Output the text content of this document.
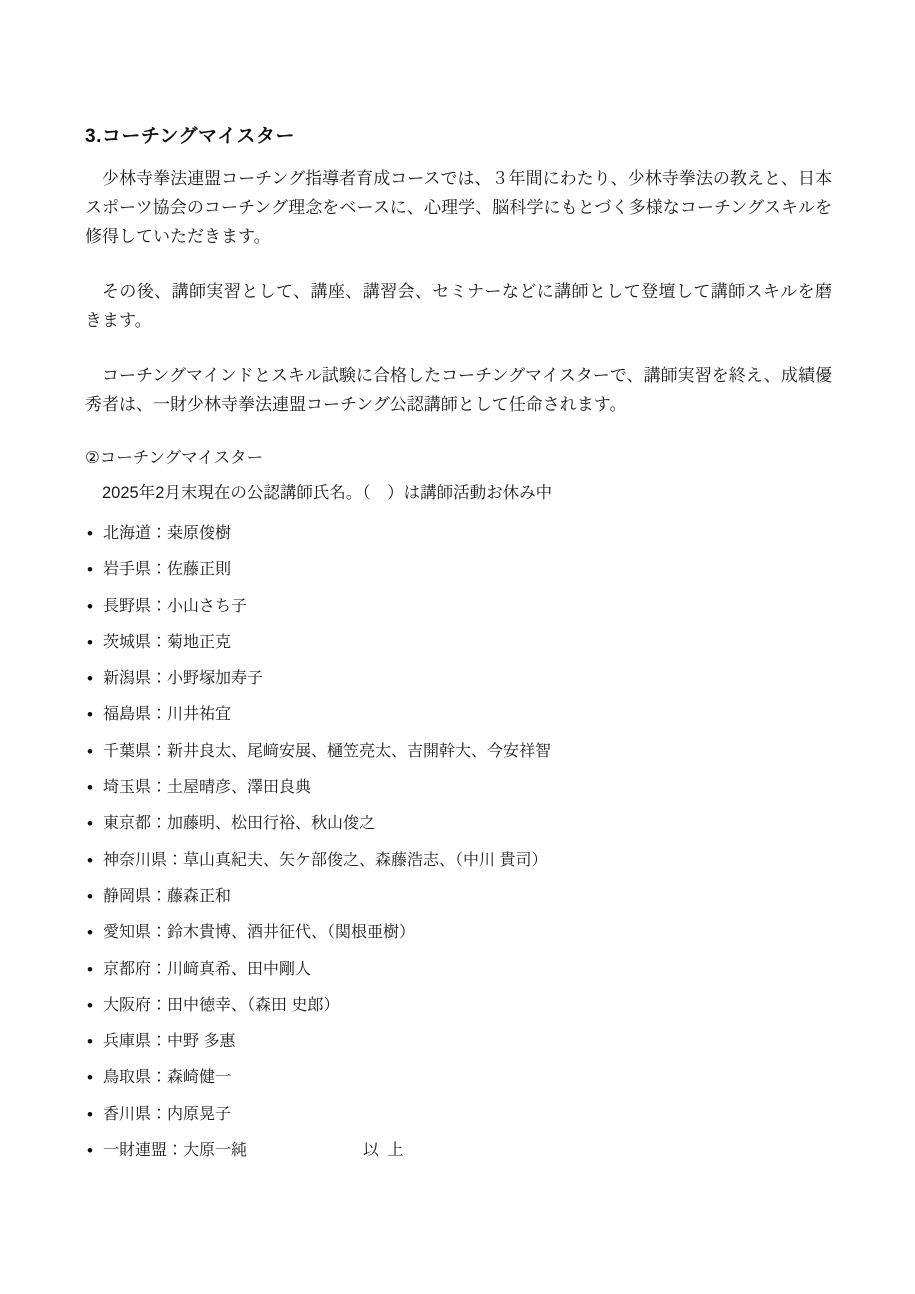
3.コーチングマイスター

少林寺拳法連盟コーチング指導者育成コースでは、３年間にわたり、少林寺拳法の教えと、日本スポーツ協会のコーチング理念をベースに、心理学、脳科学にもとづく多様なコーチングスキルを修得していただきます。

その後、講師実習として、講座、講習会、セミナーなどに講師として登壇して講師スキルを磨きます。

コーチングマインドとスキル試験に合格したコーチングマイスターで、講師実習を終え、成績優秀者は、一財少林寺拳法連盟コーチング公認講師として任命されます。

②コーチングマイスター

2025年2月末現在の公認講師氏名。（　）は講師活動お休み中

• 北海道：桒原俊樹
• 岩手県：佐藤正則
• 長野県：小山さち子
• 茨城県：菊地正克
• 新潟県：小野塚加寿子
• 福島県：川井祐宜
• 千葉県：新井良太、尾﨑安展、樋笠亮太、吉開幹大、今安祥智
• 埼玉県：土屋晴彦、澤田良典
• 東京都：加藤明、松田行裕、秋山俊之
• 神奈川県：草山真紀夫、矢ケ部俊之、森藤浩志、（中川 貴司）
• 静岡県：藤森正和
• 愛知県：鈴木貴博、酒井征代、（関根亜樹）
• 京都府：川﨑真希、田中剛人
• 大阪府：田中徳幸、（森田 史郎）
• 兵庫県：中野 多惠
• 鳥取県：森崎健一
• 香川県：内原晃子
• 一財連盟：大原一純	以 上
